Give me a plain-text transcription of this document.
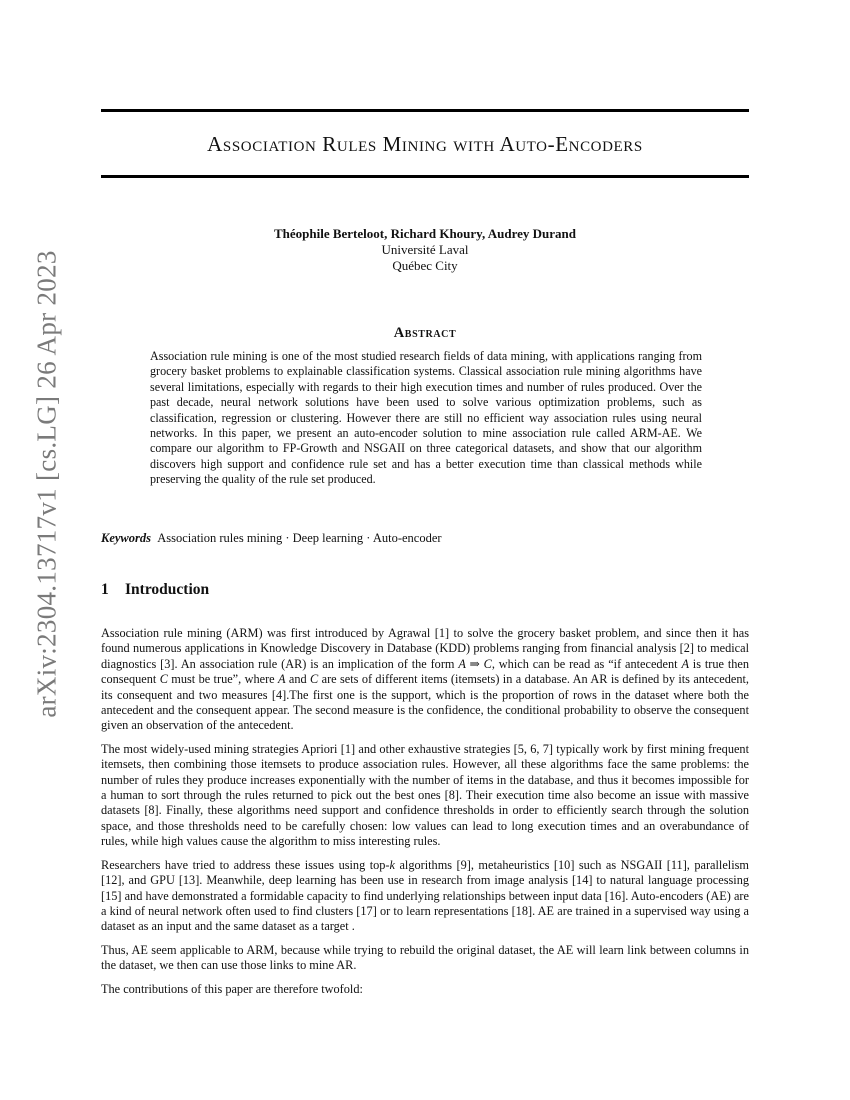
arXiv:2304.13717v1 [cs.LG] 26 Apr 2023
Association Rules Mining with Auto-Encoders
Théophile Berteloot, Richard Khoury, Audrey Durand
Université Laval
Québec City
Abstract

Association rule mining is one of the most studied research fields of data mining, with applications ranging from grocery basket problems to explainable classification systems. Classical association rule mining algorithms have several limitations, especially with regards to their high execution times and number of rules produced. Over the past decade, neural network solutions have been used to solve various optimization problems, such as classification, regression or clustering. However there are still no efficient way association rules using neural networks. In this paper, we present an auto-encoder solution to mine association rule called ARM-AE. We compare our algorithm to FP-Growth and NSGAII on three categorical datasets, and show that our algorithm discovers high support and confidence rule set and has a better execution time than classical methods while preserving the quality of the rule set produced.

Keywords Association rules mining · Deep learning · Auto-encoder

1 Introduction

Association rule mining (ARM) was first introduced by Agrawal [1] to solve the grocery basket problem, and since then it has found numerous applications in Knowledge Discovery in Database (KDD) problems ranging from financial analysis [2] to medical diagnostics [3]. An association rule (AR) is an implication of the form A ⇒ C, which can be read as “if antecedent A is true then consequent C must be true”, where A and C are sets of different items (itemsets) in a database. An AR is defined by its antecedent, its consequent and two measures [4].The first one is the support, which is the proportion of rows in the dataset where both the antecedent and the consequent appear. The second measure is the confidence, the conditional probability to observe the consequent given an observation of the antecedent.

The most widely-used mining strategies Apriori [1] and other exhaustive strategies [5, 6, 7] typically work by first mining frequent itemsets, then combining those itemsets to produce association rules. However, all these algorithms face the same problems: the number of rules they produce increases exponentially with the number of items in the database, and thus it becomes impossible for a human to sort through the rules returned to pick out the best ones [8]. Their execution time also become an issue with massive datasets [8]. Finally, these algorithms need support and confidence thresholds in order to efficiently search through the solution space, and those thresholds need to be carefully chosen: low values can lead to long execution times and an overabundance of rules, while high values cause the algorithm to miss interesting rules.

Researchers have tried to address these issues using top-k algorithms [9], metaheuristics [10] such as NSGAII [11], parallelism [12], and GPU [13]. Meanwhile, deep learning has been use in research from image analysis [14] to natural language processing [15] and have demonstrated a formidable capacity to find underlying relationships between input data [16]. Auto-encoders (AE) are a kind of neural network often used to find clusters [17] or to learn representations [18]. AE are trained in a supervised way using a dataset as an input and the same dataset as a target .

Thus, AE seem applicable to ARM, because while trying to rebuild the original dataset, the AE will learn link between columns in the dataset, we then can use those links to mine AR.

The contributions of this paper are therefore twofold:
